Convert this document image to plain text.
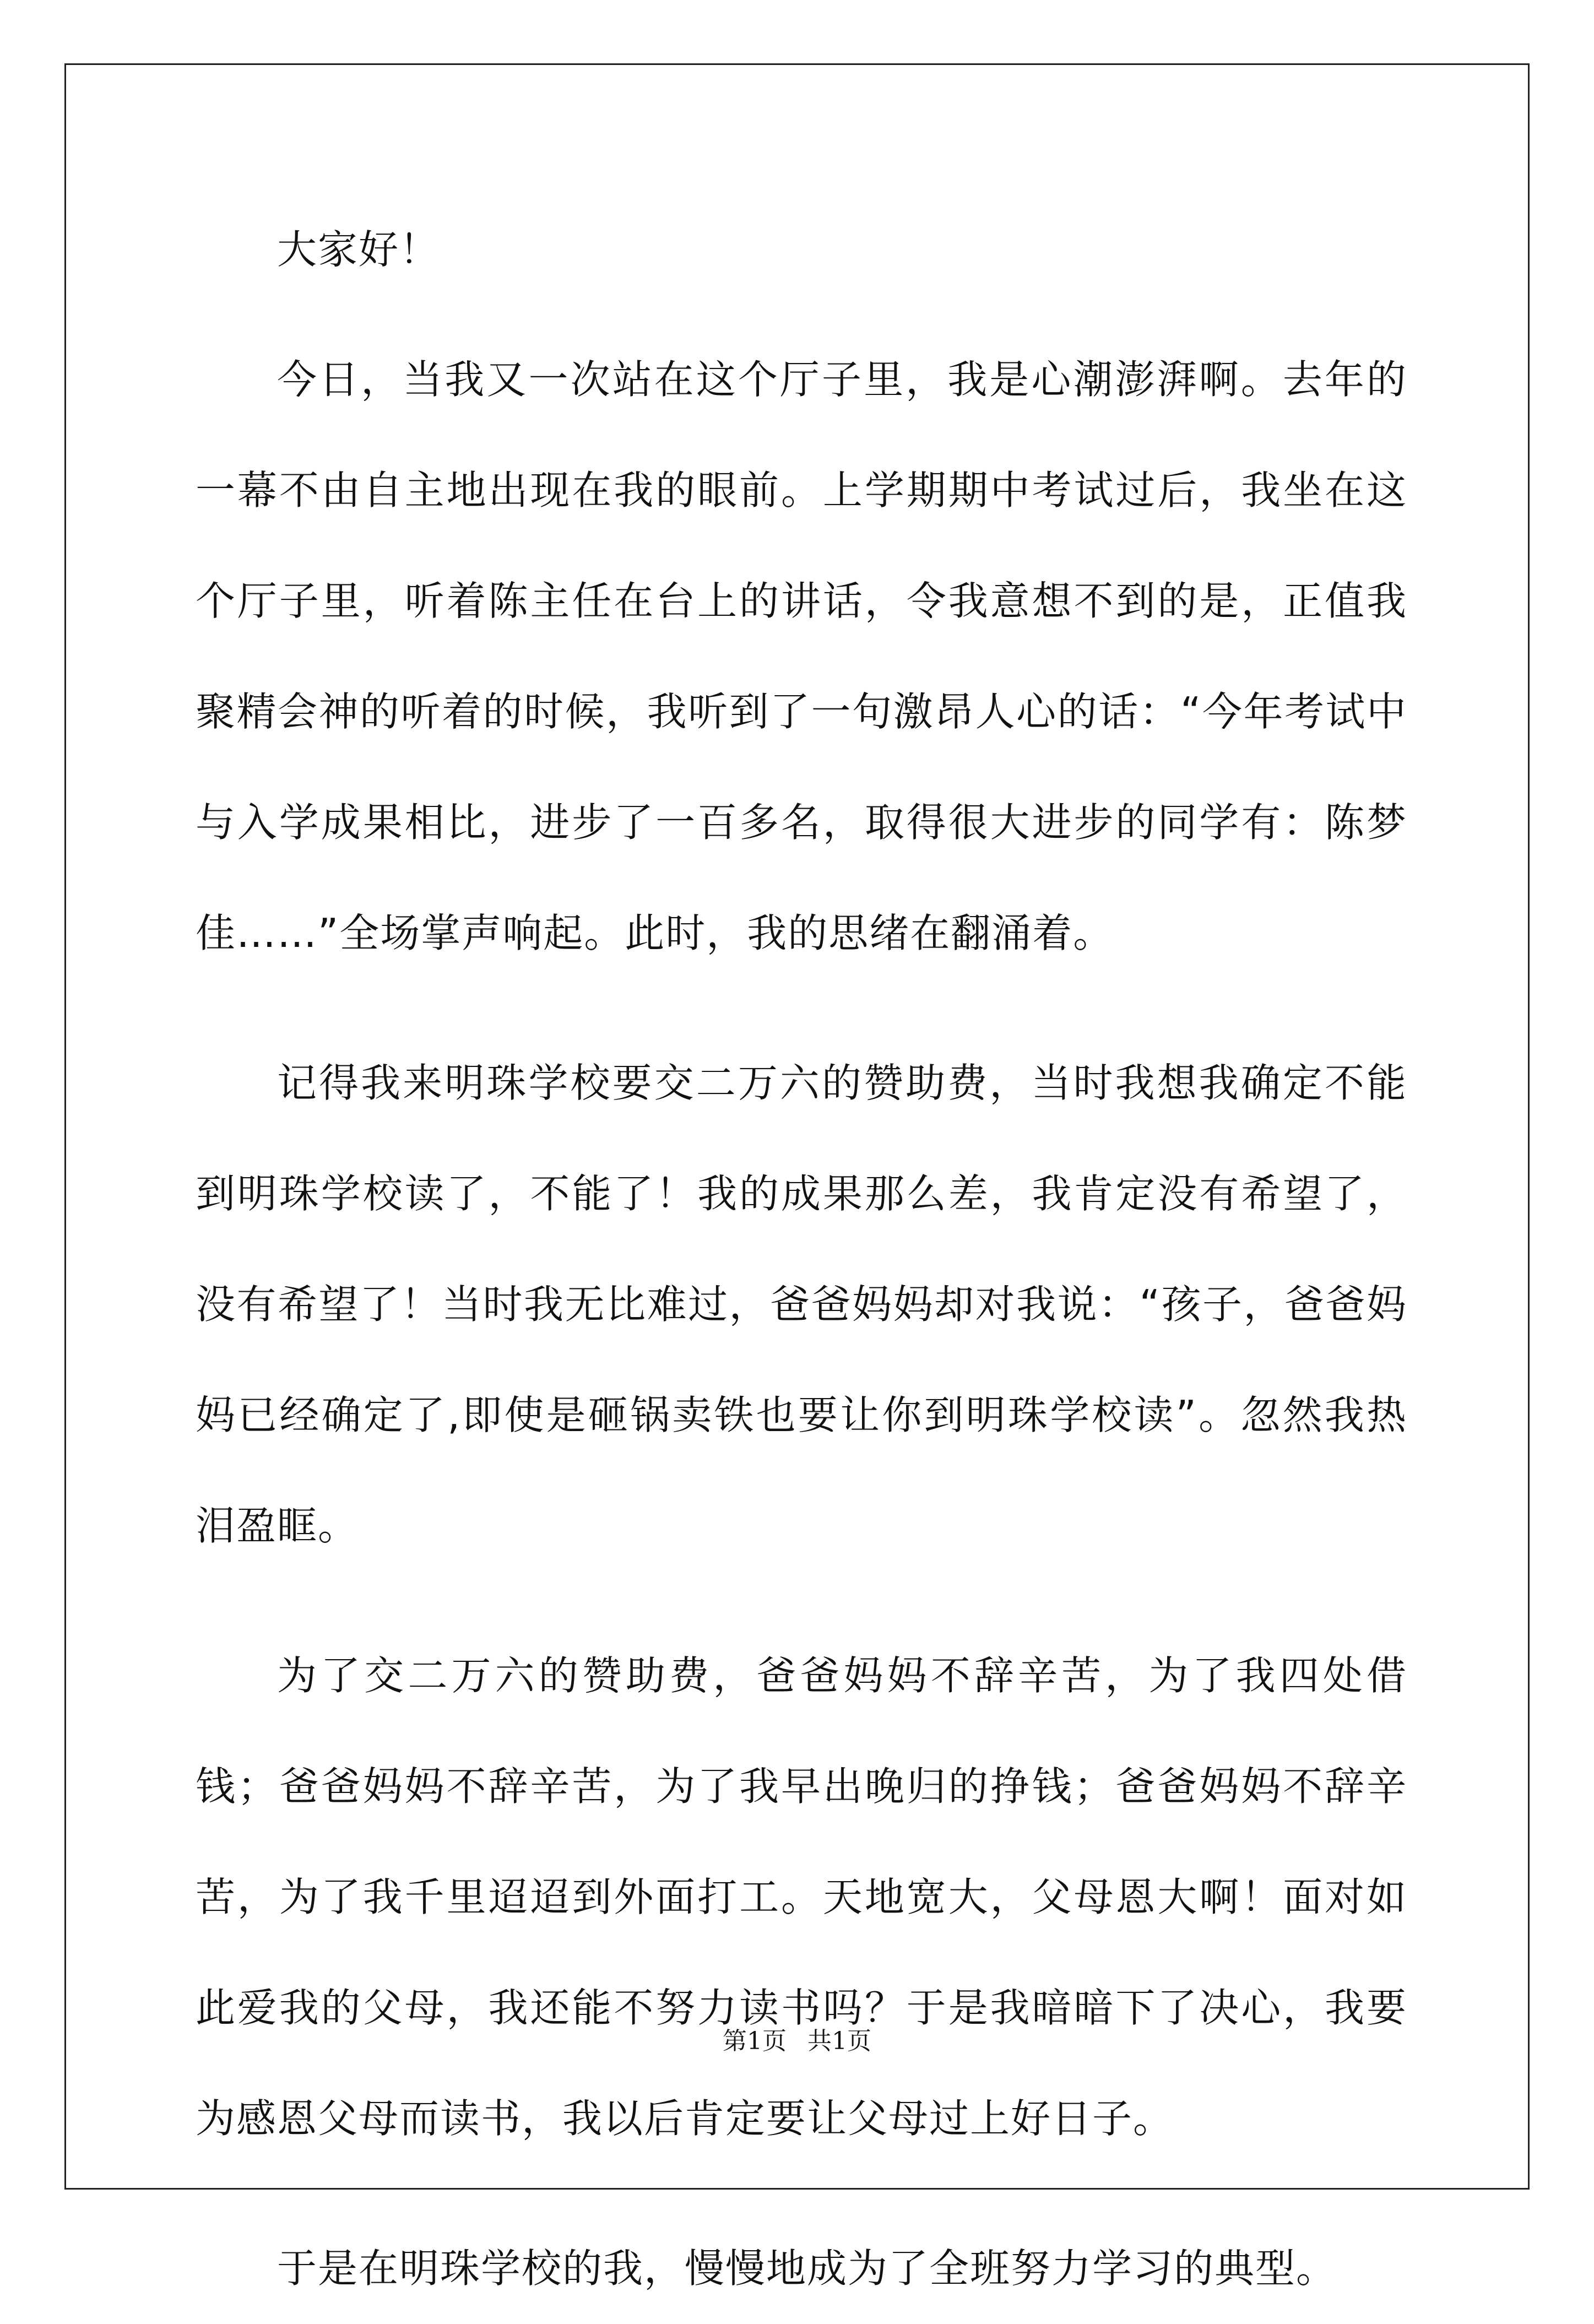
大家好！

今日，当我又一次站在这个厅子里，我是心潮澎湃啊。去年的一幕不由自主地出现在我的眼前。上学期期中考试过后，我坐在这个厅子里，听着陈主任在台上的讲话，令我意想不到的是，正值我聚精会神的听着的时候，我听到了一句激昂人心的话：“今年考试中与入学成果相比，进步了一百多名，取得很大进步的同学有：陈梦佳……”全场掌声响起。此时，我的思绪在翻涌着。

记得我来明珠学校要交二万六的赞助费，当时我想我确定不能到明珠学校读了，不能了！我的成果那么差，我肯定没有希望了，没有希望了！当时我无比难过，爸爸妈妈却对我说：“孩子，爸爸妈妈已经确定了,即使是砸锅卖铁也要让你到明珠学校读”。忽然我热泪盈眶。

为了交二万六的赞助费，爸爸妈妈不辞辛苦，为了我四处借钱；爸爸妈妈不辞辛苦，为了我早出晚归的挣钱；爸爸妈妈不辞辛苦，为了我千里迢迢到外面打工。天地宽大，父母恩大啊！面对如此爱我的父母，我还能不努力读书吗？于是我暗暗下了决心，我要为感恩父母而读书，我以后肯定要让父母过上好日子。

于是在明珠学校的我，慢慢地成为了全班努力学习的典型。

第1页 共1页
